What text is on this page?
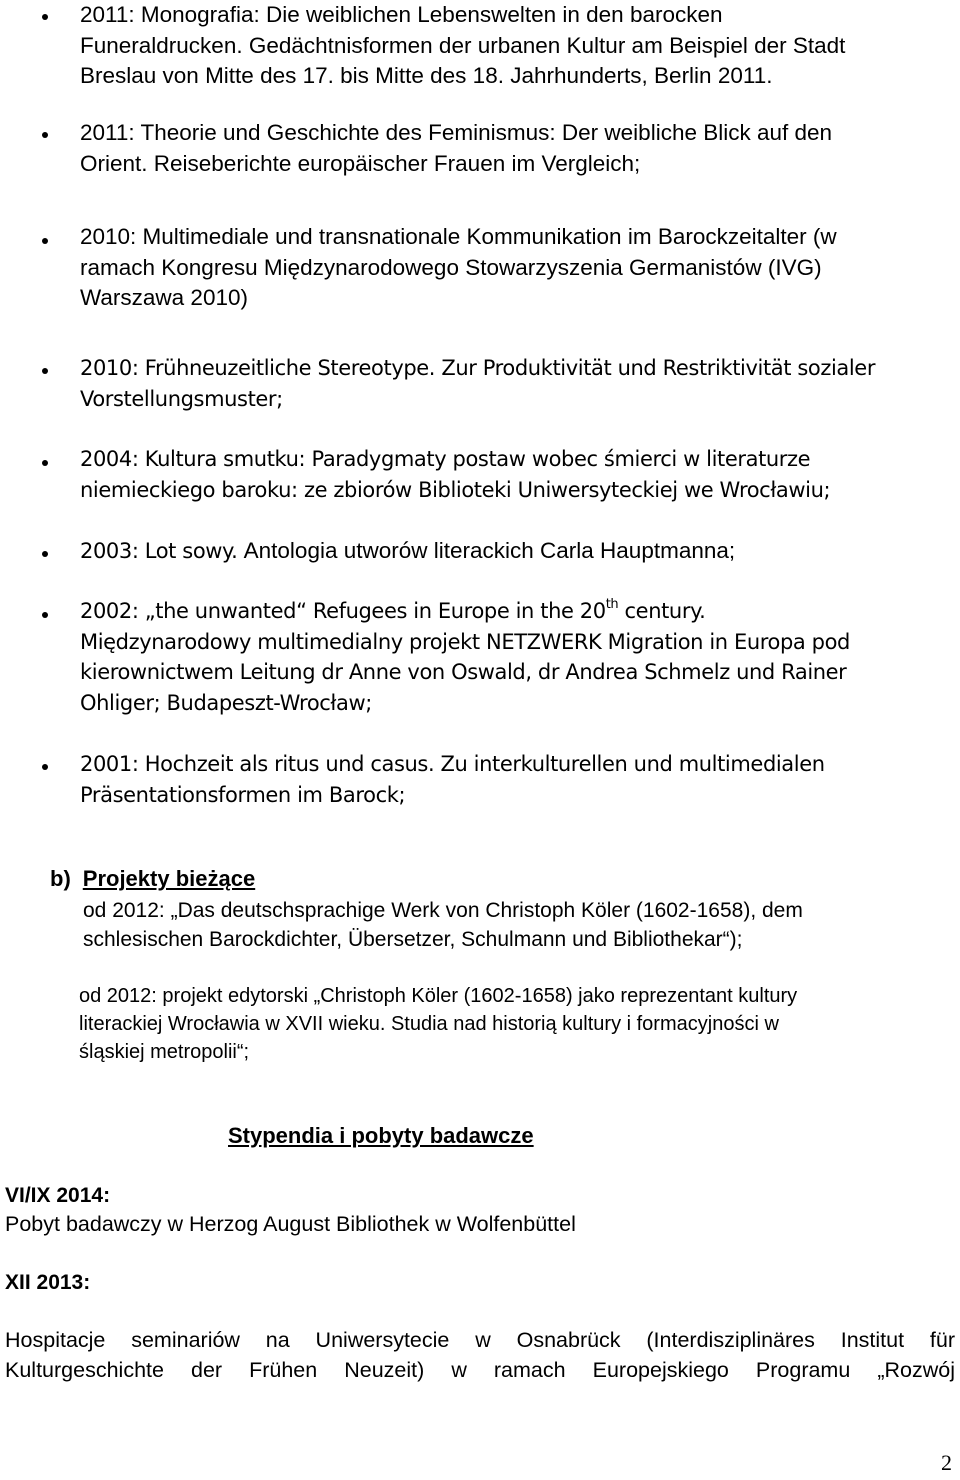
2011: Monografia: Die weiblichen Lebenswelten in den barocken
Funeraldrucken. Gedächtnisformen der urbanen Kultur am Beispiel der Stadt
Breslau von Mitte des 17. bis Mitte des 18. Jahrhunderts, Berlin 2011.
2011: Theorie und Geschichte des Feminismus: Der weibliche Blick auf den
Orient. Reiseberichte europäischer Frauen im Vergleich;
2010: Multimediale und transnationale Kommunikation im Barockzeitalter (w
ramach Kongresu Międzynarodowego Stowarzyszenia Germanistów (IVG)
Warszawa 2010)
2010: Frühneuzeitliche Stereotype. Zur Produktivität und Restriktivität sozialer
Vorstellungsmuster;
2004: Kultura smutku: Paradygmaty postaw wobec śmierci w literaturze
niemieckiego baroku: ze zbiorów Biblioteki Uniwersyteckiej we Wrocławiu;
2003: Lot sowy. Antologia utworów literackich Carla Hauptmanna;
2002: „the unwanted“ Refugees in Europe in the 20th century.
Międzynarodowy multimedialny projekt NETZWERK Migration in Europa pod
kierownictwem Leitung dr Anne von Oswald, dr Andrea Schmelz und Rainer
Ohliger; Budapeszt-Wrocław;
2001: Hochzeit als ritus und casus. Zu interkulturellen und multimedialen
Präsentationsformen im Barock;
b) Projekty bieżące
od 2012: „Das deutschsprachige Werk von Christoph Köler (1602-1658), dem
schlesischen Barockdichter, Übersetzer, Schulmann und Bibliothekar“);
od 2012: projekt edytorski „Christoph Köler (1602-1658) jako reprezentant kultury
literackiej Wrocławia w XVII wieku. Studia nad historią kultury i formacyjności w
śląskiej metropolii“;
Stypendia i pobyty badawcze
VI/IX 2014:
Pobyt badawczy w Herzog August Bibliothek w Wolfenbüttel
XII 2013:
Hospitacje seminariów na Uniwersytecie w Osnabrück (Interdisziplinäres Institut für
Kulturgeschichte der Frühen Neuzeit) w ramach Europejskiego Programu „Rozwój
2
